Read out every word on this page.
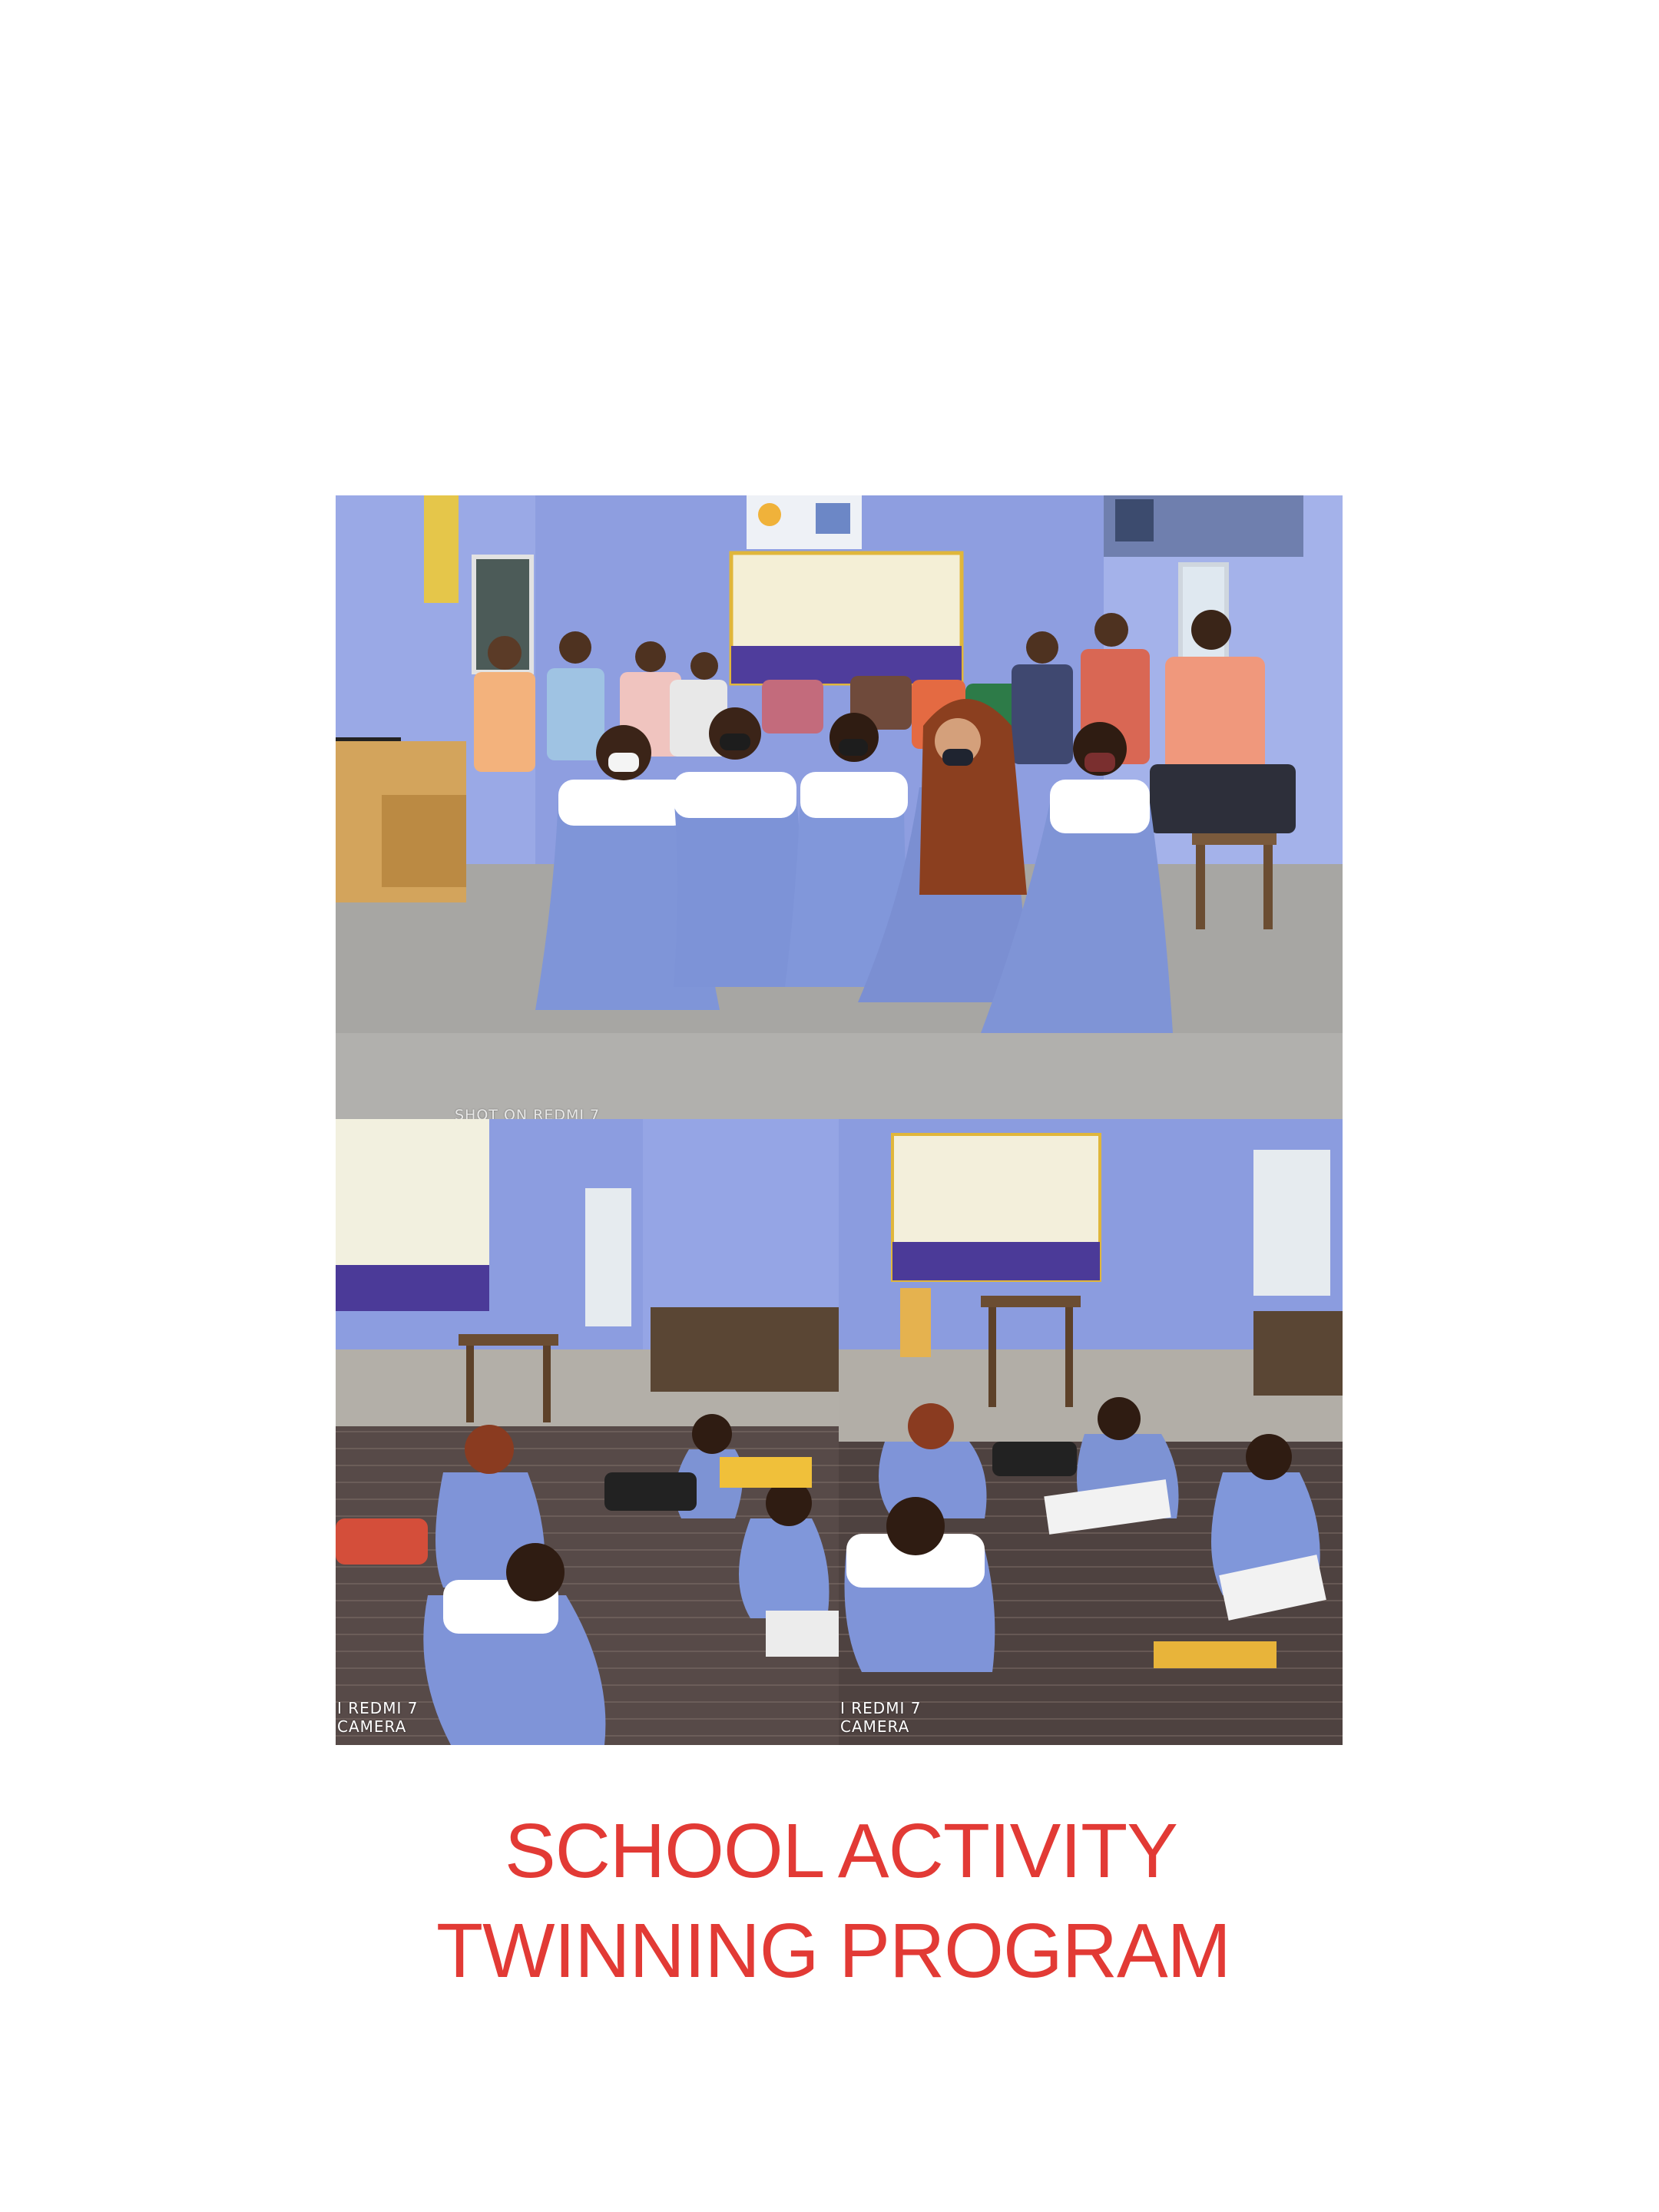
SHOT ON REDMI 7
I REDMI 7
CAMERA
I REDMI 7
CAMERA
SCHOOL ACTIVITY
TWINNING PROGRAM
